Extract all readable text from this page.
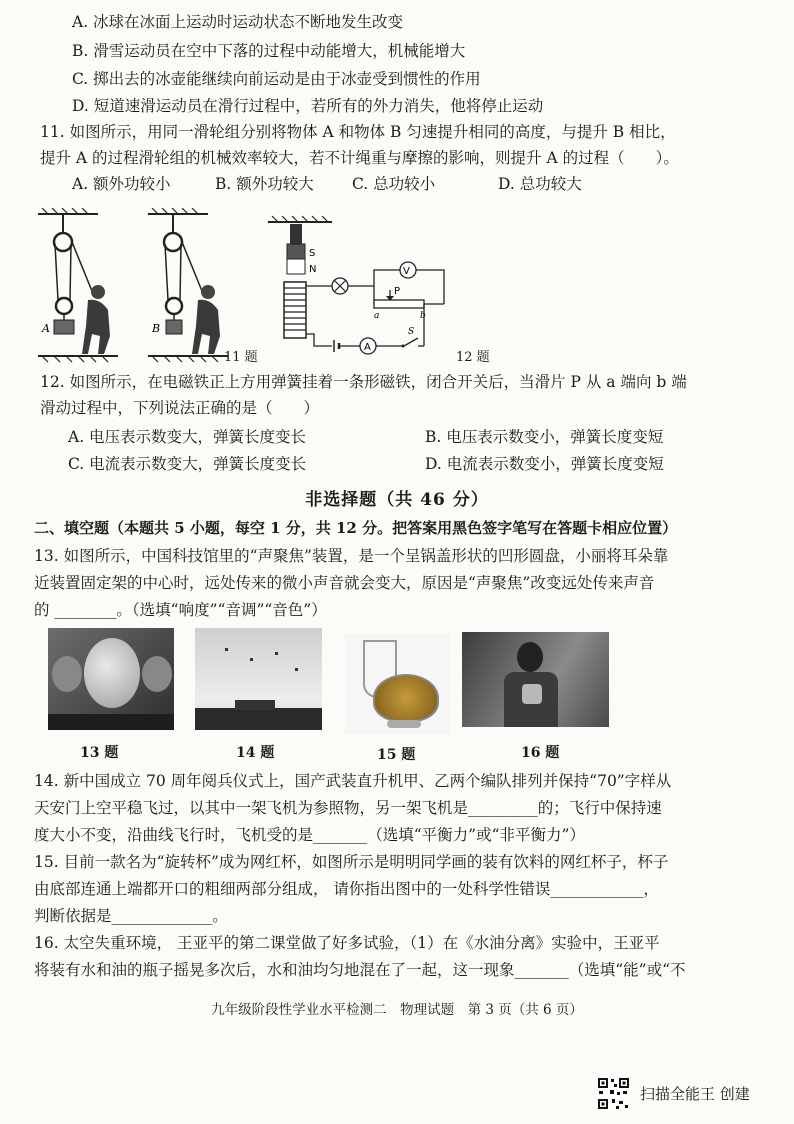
A. 冰球在冰面上运动时运动状态不断地发生改变
B. 滑雪运动员在空中下落的过程中动能增大，机械能增大
C. 掷出去的冰壶能继续向前运动是由于冰壶受到惯性的作用
D. 短道速滑运动员在滑行过程中，若所有的外力消失，他将停止运动
11. 如图所示，用同一滑轮组分别将物体 A 和物体 B 匀速提升相同的高度，与提升 B 相比，
提升 A 的过程滑轮组的机械效率较大，若不计绳重与摩擦的影响，则提升 A 的过程（　　）。
A. 额外功较小	B. 额外功较大 C. 总功较小	D. 总功较大
A	B
11 题
S
N	V
P
a	b
A
S
12 题
12. 如图所示，在电磁铁正上方用弹簧挂着一条形磁铁，闭合开关后，当滑片 P 从 a 端向 b 端
滑动过程中，下列说法正确的是（　　）
A. 电压表示数变大，弹簧长度变长	B. 电压表示数变小，弹簧长度变短
C. 电流表示数变大，弹簧长度变长	D. 电流表示数变小，弹簧长度变短
非选择题（共 46 分）
二、填空题（本题共 5 小题，每空 1 分，共 12 分。把答案用黑色签字笔写在答题卡相应位置）
13. 如图所示，中国科技馆里的“声聚焦”装置，是一个呈锅盖形状的凹形圆盘，小丽将耳朵靠
近装置固定架的中心时，远处传来的微小声音就会变大，原因是“声聚焦”改变远处传来声音
的 ________。（选填“响度”“音调”“音色”）
13 题	14 题	15 题	16 题
14. 新中国成立 70 周年阅兵仪式上，国产武装直升机甲、乙两个编队排列并保持“70”字样从
天安门上空平稳飞过，以其中一架飞机为参照物，另一架飞机是_________的；飞行中保持速
度大小不变，沿曲线飞行时，飞机受的是_______（选填“平衡力”或“非平衡力”）
15. 目前一款名为“旋转杯”成为网红杯，如图所示是明明同学画的装有饮料的网红杯子，杯子
由底部连通上端都开口的粗细两部分组成， 请你指出图中的一处科学性错误____________，
判断依据是_____________。
16. 太空失重环境， 王亚平的第二课堂做了好多试验，（1）在《水油分离》实验中，王亚平
将装有水和油的瓶子摇晃多次后，水和油均匀地混在了一起，这一现象_______（选填“能”或“不
九年级阶段性学业水平检测二　物理试题　第 3 页（共 6 页）
扫描全能王 创建
